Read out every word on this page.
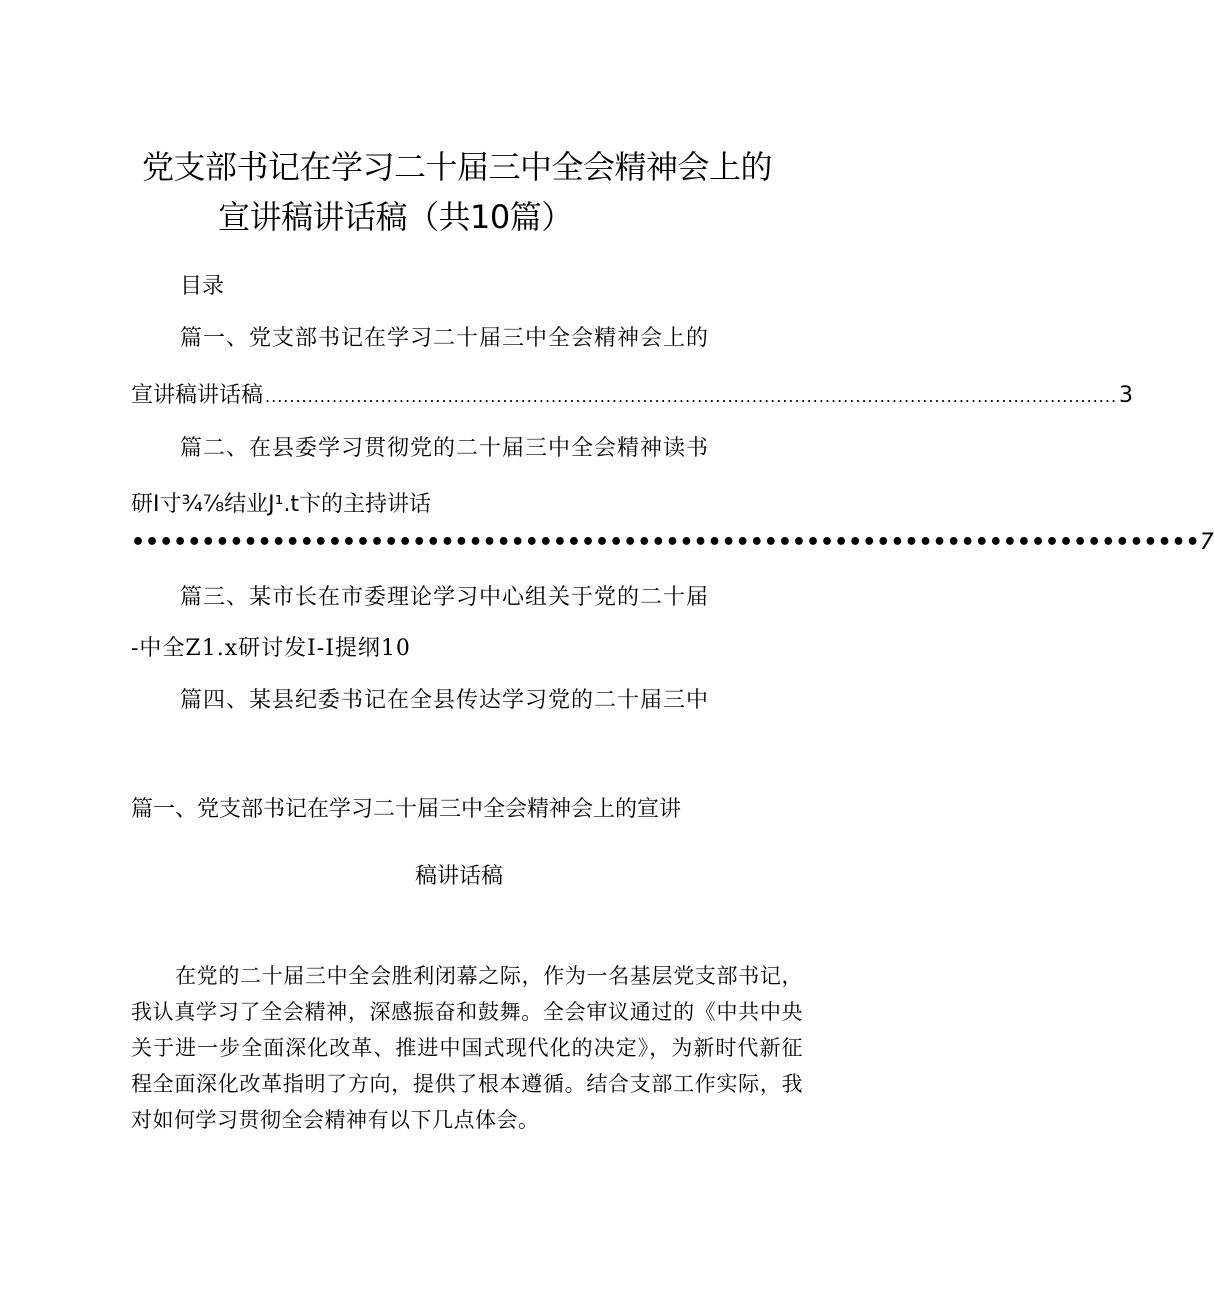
党支部书记在学习二十届三中全会精神会上的
宣讲稿讲话稿（共10篇）
目录
篇一、党支部书记在学习二十届三中全会精神会上的
宣讲稿讲话稿 ............................................................................................................................................ 3
篇二、在县委学习贯彻党的二十届三中全会精神读书
研I寸¾⅞结业J¹.t卞的主持讲话
•••••••••••••••••••••••••••••••••••••••••••••••••••••••••••••••••••••••••••• 7
篇三、某市长在市委理论学习中心组关于党的二十届
-中全Z1.x研讨发I-I提纲10
篇四、某县纪委书记在全县传达学习党的二十届三中
篇一、党支部书记在学习二十届三中全会精神会上的宣讲
稿讲话稿

在党的二十届三中全会胜利闭幕之际，作为一名基层党支部书记，我认真学习了全会精神，深感振奋和鼓舞。全会审议通过的《中共中央关于进一步全面深化改革、推进中国式现代化的决定》，为新时代新征程全面深化改革指明了方向，提供了根本遵循。结合支部工作实际，我对如何学习贯彻全会精神有以下几点体会。
